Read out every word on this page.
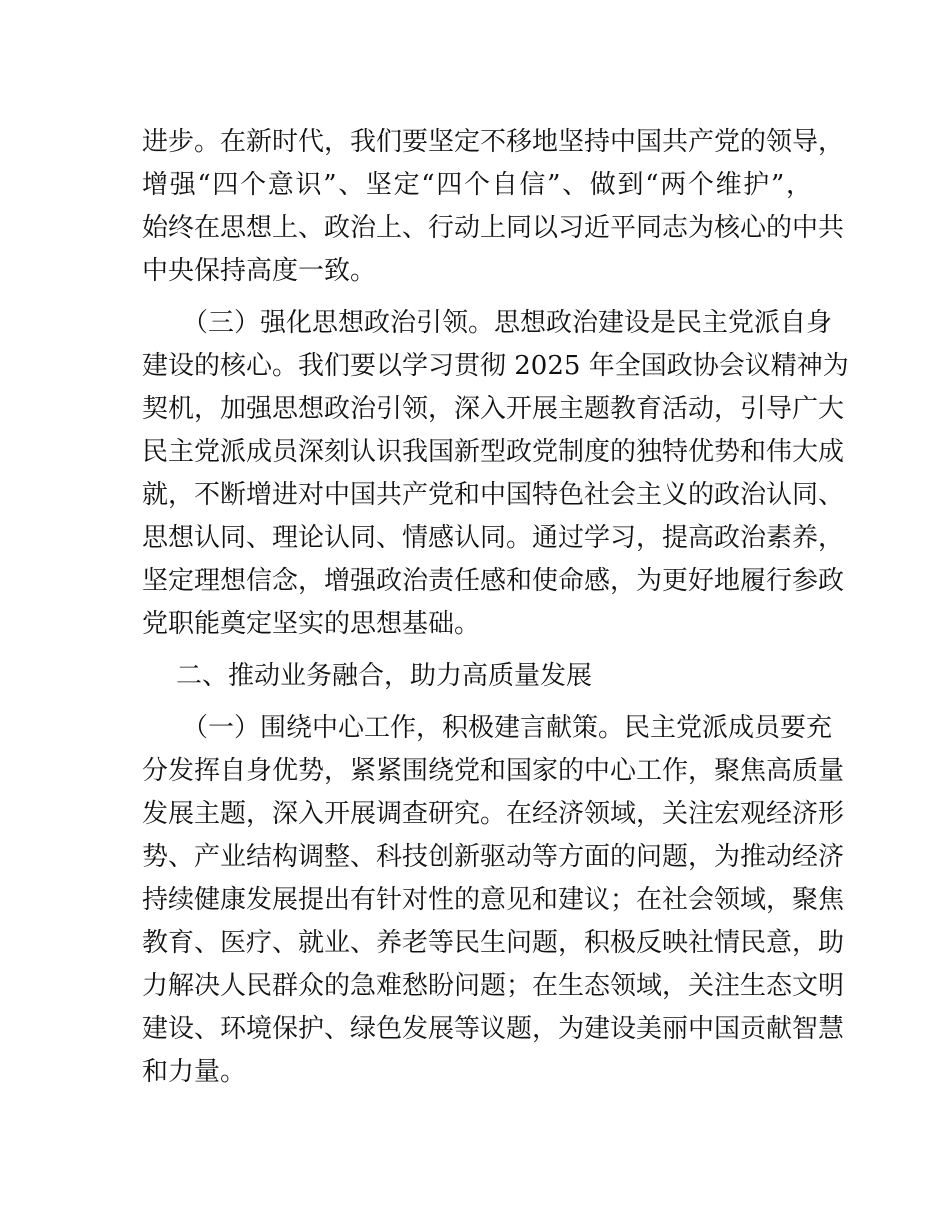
进步。在新时代，我们要坚定不移地坚持中国共产党的领导，
增强“四个意识”、坚定“四个自信”、做到“两个维护”，
始终在思想上、政治上、行动上同以习近平同志为核心的中共
中央保持高度一致。
（三）强化思想政治引领。思想政治建设是民主党派自身
建设的核心。我们要以学习贯彻 2025 年全国政协会议精神为
契机，加强思想政治引领，深入开展主题教育活动，引导广大
民主党派成员深刻认识我国新型政党制度的独特优势和伟大成
就，不断增进对中国共产党和中国特色社会主义的政治认同、
思想认同、理论认同、情感认同。通过学习，提高政治素养，
坚定理想信念，增强政治责任感和使命感，为更好地履行参政
党职能奠定坚实的思想基础。
二、推动业务融合，助力高质量发展
（一）围绕中心工作，积极建言献策。民主党派成员要充
分发挥自身优势，紧紧围绕党和国家的中心工作，聚焦高质量
发展主题，深入开展调查研究。在经济领域，关注宏观经济形
势、产业结构调整、科技创新驱动等方面的问题，为推动经济
持续健康发展提出有针对性的意见和建议；在社会领域，聚焦
教育、医疗、就业、养老等民生问题，积极反映社情民意，助
力解决人民群众的急难愁盼问题；在生态领域，关注生态文明
建设、环境保护、绿色发展等议题，为建设美丽中国贡献智慧
和力量。
